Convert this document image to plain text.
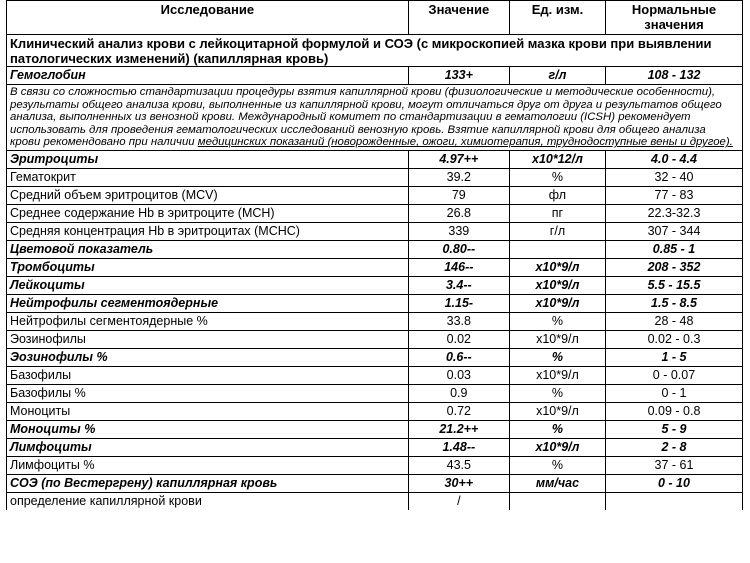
Исследование	Значение	Ед. изм.	Нормальные значения
Клинический анализ крови с лейкоцитарной формулой и СОЭ (с микроскопией мазка крови при выявлении патологических изменений) (капиллярная кровь)			
Гемоглобин	133+	г/л	108 - 132
В связи со сложностью стандартизации процедуры взятия капиллярной крови (физиологические и методические особенности), результаты общего анализа крови, выполненные из капиллярной крови, могут отличаться друг от друга и результатов общего анализа, выполненных из венозной крови. Международный комитет по стандартизации в гематологии (ICSH) рекомендует использовать для проведения гематологических исследований венозную кровь. Взятие капиллярной крови для общего анализа крови рекомендовано при наличии медицинских показаний (новорожденные, ожоги, химиотерапия, труднодоступные вены и другое).			
Эритроциты	4.97++	х10*12/л	4.0 - 4.4
Гематокрит	39.2	%	32 - 40
Средний объем эритроцитов (MCV)	79	фл	77 - 83
Среднее содержание Hb в эритроците (MCH)	26.8	пг	22.3-32.3
Средняя концентрация Hb в эритроцитах (MCHC)	339	г/л	307 - 344
Цветовой показатель	0.80--		0.85 - 1
Тромбоциты	146--	х10*9/л	208 - 352
Лейкоциты	3.4--	х10*9/л	5.5 - 15.5
Нейтрофилы сегментоядерные	1.15-	х10*9/л	1.5 - 8.5
Нейтрофилы сегментоядерные %	33.8	%	28 - 48
Эозинофилы	0.02	х10*9/л	0.02 - 0.3
Эозинофилы %	0.6--	%	1 - 5
Базофилы	0.03	х10*9/л	0 - 0.07
Базофилы %	0.9	%	0 - 1
Моноциты	0.72	х10*9/л	0.09 - 0.8
Моноциты %	21.2++	%	5 - 9
Лимфоциты	1.48--	х10*9/л	2 - 8
Лимфоциты %	43.5	%	37 - 61
СОЭ (по Вестергрену) капиллярная кровь	30++	мм/час	0 - 10
определение капиллярной крови	/		
